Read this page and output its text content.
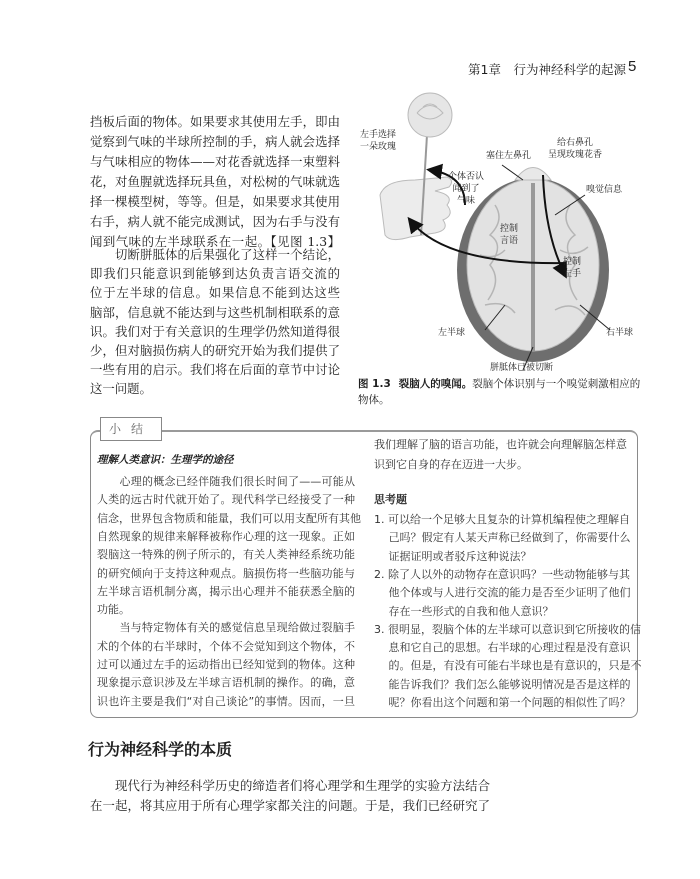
第1章　行为神经科学的起源 5
挡板后面的物体。如果要求其使用左手，即由
觉察到气味的半球所控制的手，病人就会选择
与气味相应的物体——对花香就选择一束塑料
花，对鱼腥就选择玩具鱼，对松树的气味就选
择一棵模型树，等等。但是，如果要求其使用
右手，病人就不能完成测试，因为右手与没有
闻到气味的左半球联系在一起。【见图 1.3】
　　切断胼胝体的后果强化了这样一个结论，
即我们只能意识到能够到达负责言语交流的
位于左半球的信息。如果信息不能到达这些
脑部，信息就不能达到与这些机制相联系的意
识。我们对于有关意识的生理学仍然知道得很
少，但对脑损伤病人的研究开始为我们提供了
一些有用的启示。我们将在后面的章节中讨论
这一问题。
左手选择
一朵玫瑰	给右鼻孔
呈现玫瑰花香
塞住左鼻孔
个体否认
闻到了
气味
嗅觉信息
控制
言语
控制
左手
左半球	右半球
胼胝体已被切断
图 1.3 裂脑人的嗅闻。裂脑个体识别与一个嗅觉刺激相应的物体。
小结
理解人类意识：生理学的途径
　　心理的概念已经伴随我们很长时间了——可能从
人类的远古时代就开始了。现代科学已经接受了一种
信念，世界包含物质和能量，我们可以用支配所有其他
自然现象的规律来解释被称作心理的这一现象。正如
裂脑这一特殊的例子所示的，有关人类神经系统功能
的研究倾向于支持这种观点。脑损伤将一些脑功能与
左半球言语机制分离，揭示出心理并不能获悉全脑的
功能。
　　当与特定物体有关的感觉信息呈现给做过裂脑手
术的个体的右半球时，个体不会觉知到这个物体，不
过可以通过左手的运动指出已经知觉到的物体。这种
现象提示意识涉及左半球言语机制的操作。的确，意
识也许主要是我们“对自己谈论”的事情。因而，一旦
我们理解了脑的语言功能，也许就会向理解脑怎样意
识到它自身的存在迈进一大步。
思考题
1. 可以给一个足够大且复杂的计算机编程使之理解自
　 己吗？假定有人某天声称已经做到了，你需要什么
　 证据证明或者驳斥这种说法？
2. 除了人以外的动物存在意识吗？一些动物能够与其
　 他个体或与人进行交流的能力是否至少证明了他们
　 存在一些形式的自我和他人意识？
3. 很明显，裂脑个体的左半球可以意识到它所接收的信
　 息和它自己的思想。右半球的心理过程是没有意识
　 的。但是，有没有可能右半球也是有意识的，只是不
　 能告诉我们？我们怎么能够说明情况是否是这样的
　 呢？你看出这个问题和第一个问题的相似性了吗？
行为神经科学的本质
　　现代行为神经科学历史的缔造者们将心理学和生理学的实验方法结合
在一起，将其应用于所有心理学家都关注的问题。于是，我们已经研究了
